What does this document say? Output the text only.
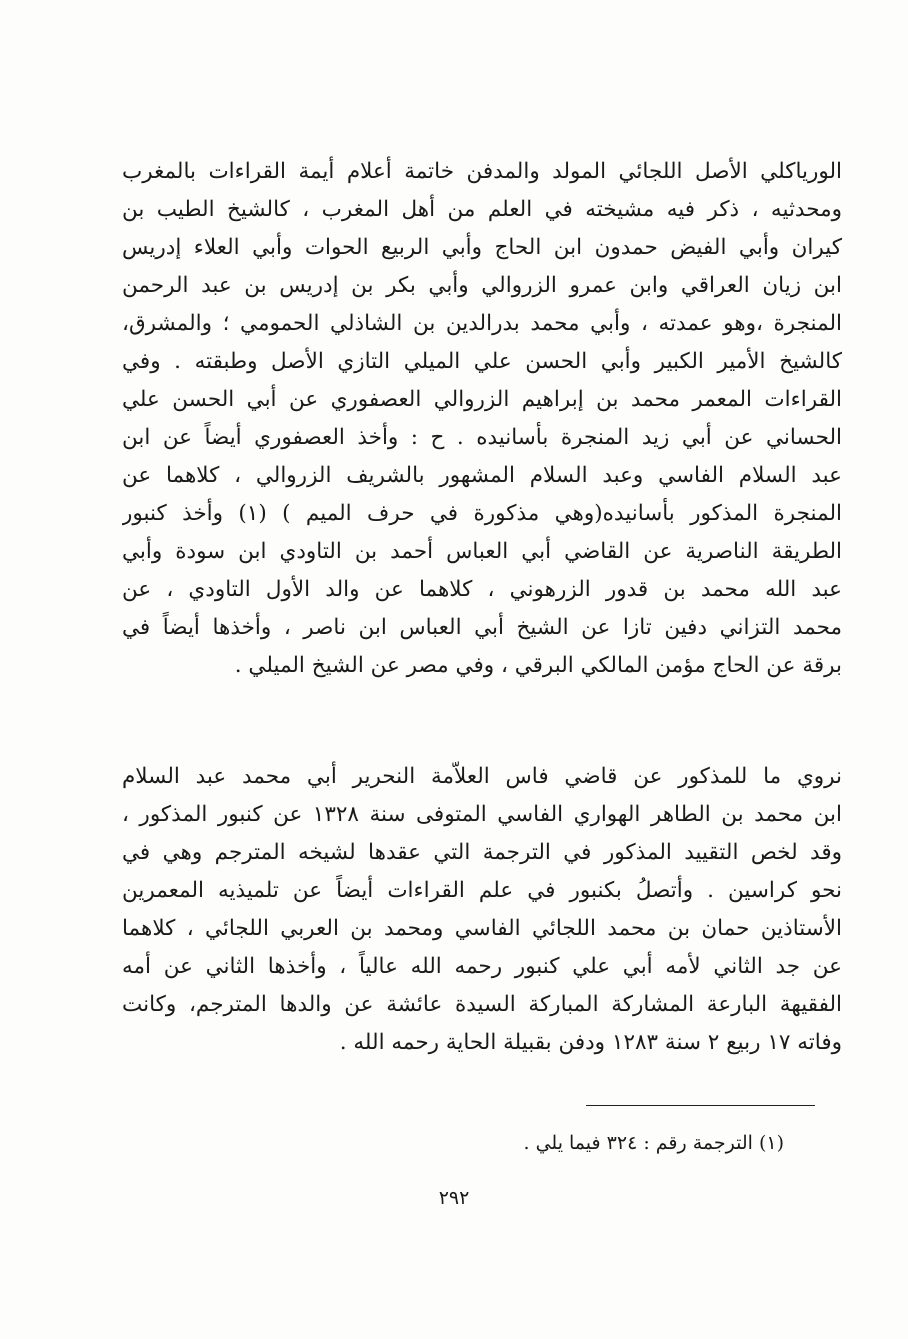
الورياكلي الأصل اللجائي المولد والمدفن خاتمة أعلام أيمة القراءات بالمغرب
ومحدثيه ، ذكر فيه مشيخته في العلم من أهل المغرب ، كالشيخ الطيب بن
كيران وأبي الفيض حمدون ابن الحاج وأبي الربيع الحوات وأبي العلاء إدريس
ابن زيان العراقي وابن عمرو الزروالي وأبي بكر بن إدريس بن عبد الرحمن
المنجرة ،وهو عمدته ، وأبي محمد بدرالدين بن الشاذلي الحمومي ؛ والمشرق،
كالشيخ الأمير الكبير وأبي الحسن علي الميلي التازي الأصل وطبقته . وفي
القراءات المعمر محمد بن إبراهيم الزروالي العصفوري عن أبي الحسن علي
الحساني عن أبي زيد المنجرة بأسانيده . ح : وأخذ العصفوري أيضاً عن ابن
عبد السلام الفاسي وعبد السلام المشهور بالشريف الزروالي ، كلاهما عن
المنجرة المذكور بأسانيده(وهي مذكورة في حرف الميم ) (١) وأخذ كنبور
الطريقة الناصرية عن القاضي أبي العباس أحمد بن التاودي ابن سودة وأبي
عبد الله محمد بن قدور الزرهوني ، كلاهما عن والد الأول التاودي ، عن
محمد التزاني دفين تازا عن الشيخ أبي العباس ابن ناصر ، وأخذها أيضاً في
برقة عن الحاج مؤمن المالكي البرقي ، وفي مصر عن الشيخ الميلي .
نروي ما للمذكور عن قاضي فاس العلاّمة النحرير أبي محمد عبد السلام
ابن محمد بن الطاهر الهواري الفاسي المتوفى سنة ١٣٢٨ عن كنبور المذكور ،
وقد لخص التقييد المذكور في الترجمة التي عقدها لشيخه المترجم وهي في
نحو كراسين . وأتصلُ بكنبور في علم القراءات أيضاً عن تلميذيه المعمرين
الأستاذين حمان بن محمد اللجائي الفاسي ومحمد بن العربي اللجائي ، كلاهما
عن جد الثاني لأمه أبي علي كنبور رحمه الله عالياً ، وأخذها الثاني عن أمه
الفقيهة البارعة المشاركة المباركة السيدة عائشة عن والدها المترجم، وكانت
وفاته ١٧ ربيع ٢ سنة ١٢٨٣ ودفن بقبيلة الحاية رحمه الله .
(١) الترجمة رقم : ٣٢٤ فيما يلي .
٢٩٢
